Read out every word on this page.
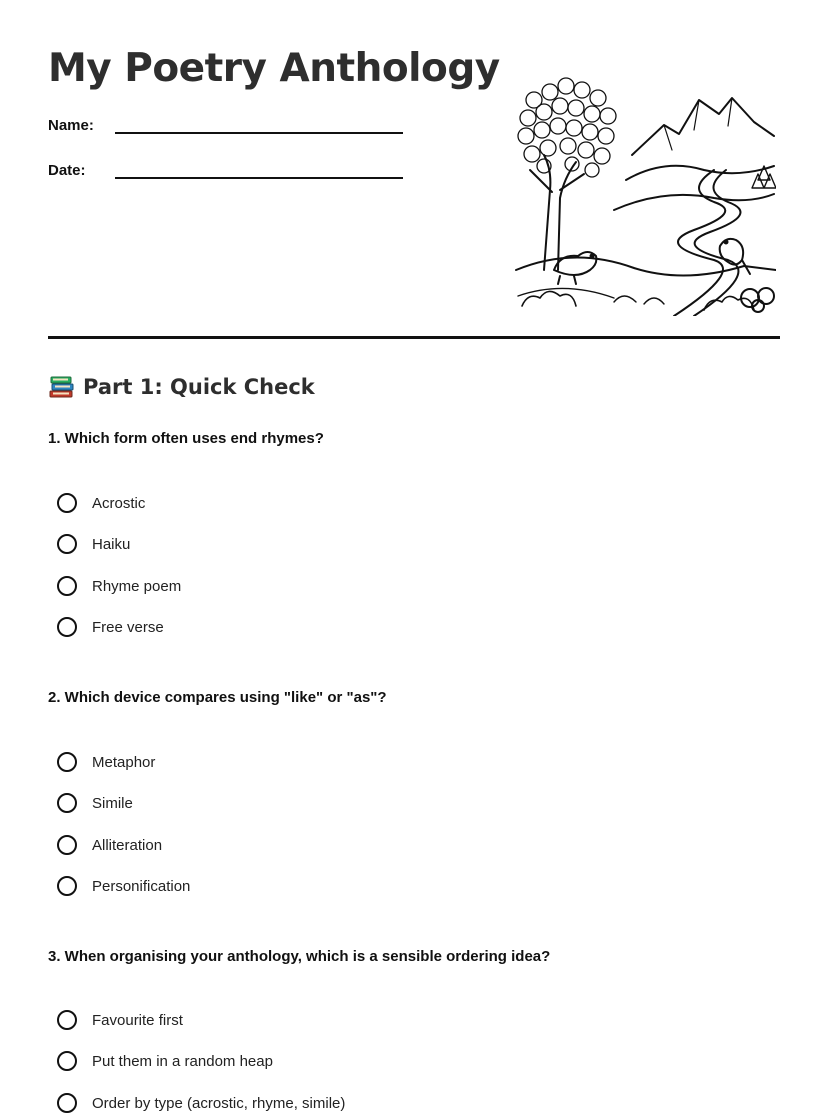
My Poetry Anthology
Name:
Date:
Part 1: Quick Check
1. Which form often uses end rhymes?
Acrostic
Haiku
Rhyme poem
Free verse
2. Which device compares using "like" or "as"?
Metaphor
Simile
Alliteration
Personification
3. When organising your anthology, which is a sensible ordering idea?
Favourite first
Put them in a random heap
Order by type (acrostic, rhyme, simile)
